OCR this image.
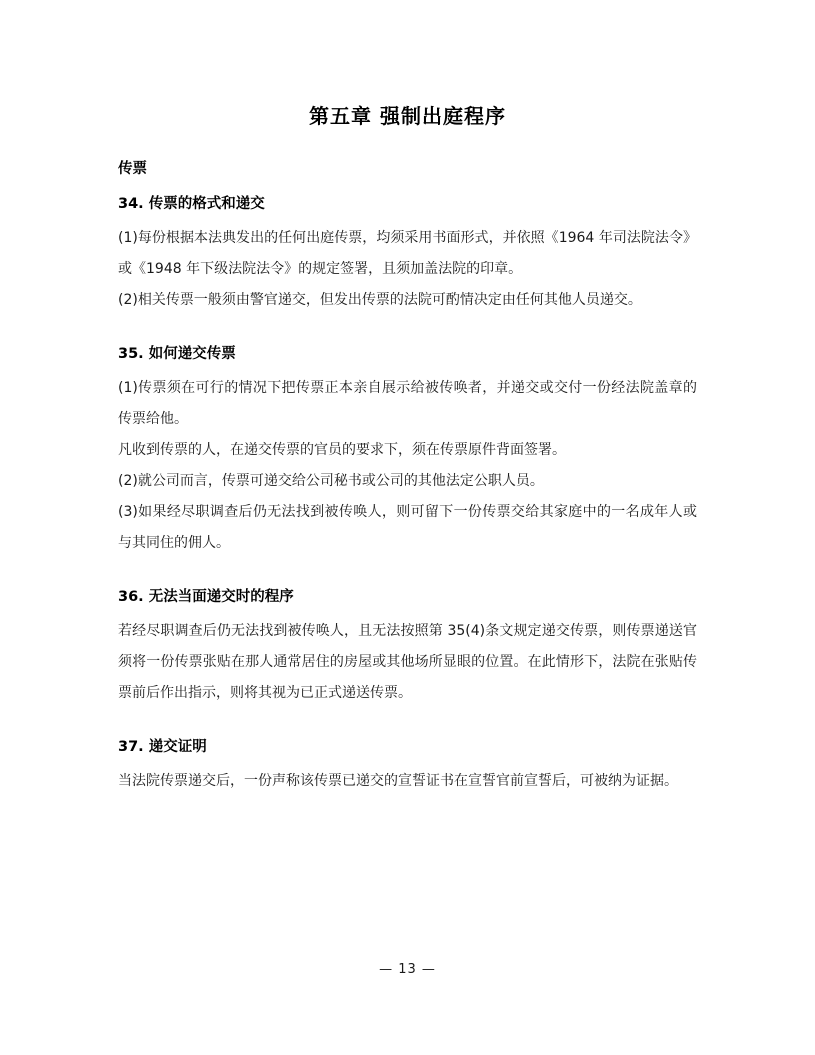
第五章 强制出庭程序
传票
34. 传票的格式和递交

(1)每份根据本法典发出的任何出庭传票，均须采用书面形式，并依照《1964 年司法院法令》或《1948 年下级法院法令》的规定签署，且须加盖法院的印章。

(2)相关传票一般须由警官递交，但发出传票的法院可酌情决定由任何其他人员递交。

35. 如何递交传票

(1)传票须在可行的情况下把传票正本亲自展示给被传唤者，并递交或交付一份经法院盖章的传票给他。

凡收到传票的人，在递交传票的官员的要求下，须在传票原件背面签署。

(2)就公司而言，传票可递交给公司秘书或公司的其他法定公职人员。

(3)如果经尽职调查后仍无法找到被传唤人，则可留下一份传票交给其家庭中的一名成年人或与其同住的佣人。

36. 无法当面递交时的程序

若经尽职调查后仍无法找到被传唤人，且无法按照第 35(4)条文规定递交传票，则传票递送官须将一份传票张贴在那人通常居住的房屋或其他场所显眼的位置。在此情形下，法院在张贴传票前后作出指示，则将其视为已正式递送传票。

37. 递交证明

当法院传票递交后，一份声称该传票已递交的宣誓证书在宣誓官前宣誓后，可被纳为证据。

— 13 —
